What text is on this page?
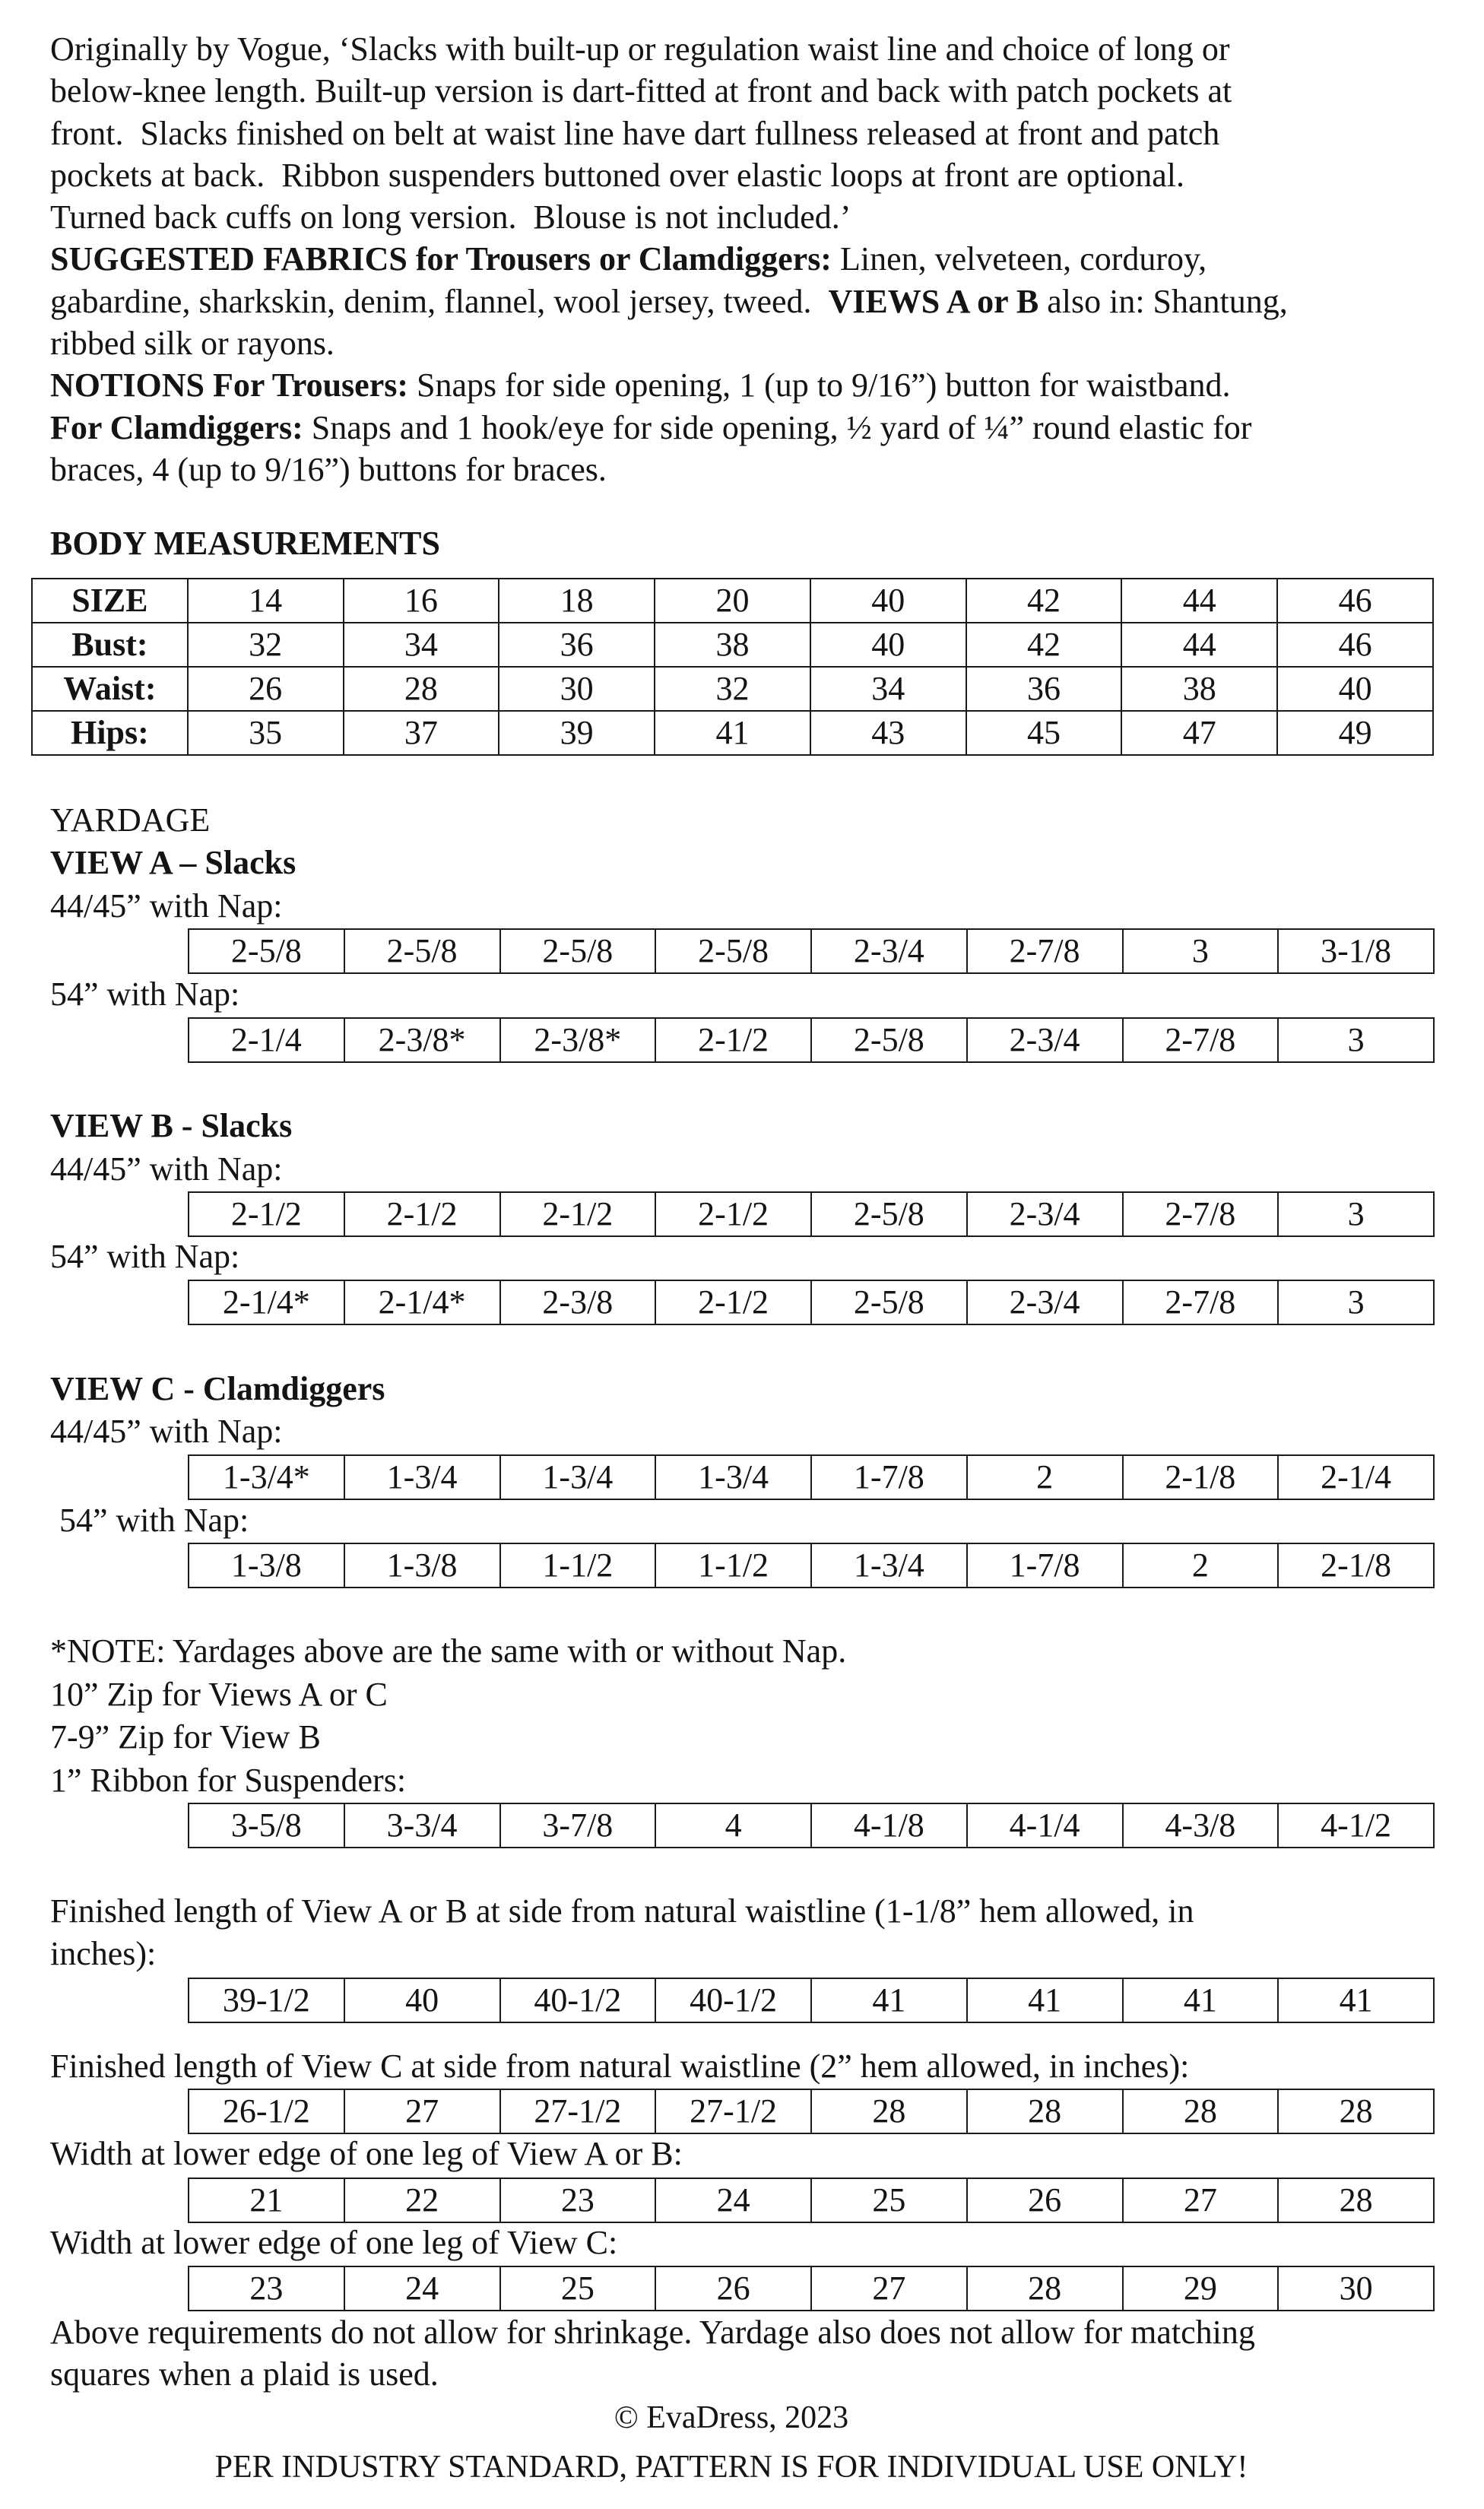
Originally by Vogue, ‘Slacks with built-up or regulation waist line and choice of long or
below-knee length. Built-up version is dart-fitted at front and back with patch pockets at
front.  Slacks finished on belt at waist line have dart fullness released at front and patch
pockets at back.  Ribbon suspenders buttoned over elastic loops at front are optional.
Turned back cuffs on long version.  Blouse is not included.’
SUGGESTED FABRICS for Trousers or Clamdiggers: Linen, velveteen, corduroy,
gabardine, sharkskin, denim, flannel, wool jersey, tweed.  VIEWS A or B also in: Shantung,
ribbed silk or rayons.
NOTIONS For Trousers: Snaps for side opening, 1 (up to 9/16”) button for waistband.
For Clamdiggers: Snaps and 1 hook/eye for side opening, ½ yard of ¼” round elastic for
braces, 4 (up to 9/16”) buttons for braces.
BODY MEASUREMENTS
SIZE	14	16	18	20	40	42	44	46
Bust:	32	34	36	38	40	42	44	46
Waist:	26	28	30	32	34	36	38	40
Hips:	35	37	39	41	43	45	47	49
YARDAGE
VIEW A – Slacks
44/45” with Nap:
2-5/8	2-5/8	2-5/8	2-5/8	2-3/4	2-7/8	3	3-1/8
54” with Nap:
2-1/4	2-3/8*	2-3/8*	2-1/2	2-5/8	2-3/4	2-7/8	3
VIEW B - Slacks
44/45” with Nap:
2-1/2	2-1/2	2-1/2	2-1/2	2-5/8	2-3/4	2-7/8	3
54” with Nap:
2-1/4*	2-1/4*	2-3/8	2-1/2	2-5/8	2-3/4	2-7/8	3
VIEW C - Clamdiggers
44/45” with Nap:
1-3/4*	1-3/4	1-3/4	1-3/4	1-7/8	2	2-1/8	2-1/4
54” with Nap:
1-3/8	1-3/8	1-1/2	1-1/2	1-3/4	1-7/8	2	2-1/8
*NOTE: Yardages above are the same with or without Nap.
10” Zip for Views A or C
7-9” Zip for View B
1” Ribbon for Suspenders:
3-5/8	3-3/4	3-7/8	4	4-1/8	4-1/4	4-3/8	4-1/2
Finished length of View A or B at side from natural waistline (1-1/8” hem allowed, in
inches):
39-1/2	40	40-1/2	40-1/2	41	41	41	41
Finished length of View C at side from natural waistline (2” hem allowed, in inches):
26-1/2	27	27-1/2	27-1/2	28	28	28	28
Width at lower edge of one leg of View A or B:
21	22	23	24	25	26	27	28
Width at lower edge of one leg of View C:
23	24	25	26	27	28	29	30
Above requirements do not allow for shrinkage. Yardage also does not allow for matching
squares when a plaid is used.
© EvaDress, 2023
PER INDUSTRY STANDARD, PATTERN IS FOR INDIVIDUAL USE ONLY!
